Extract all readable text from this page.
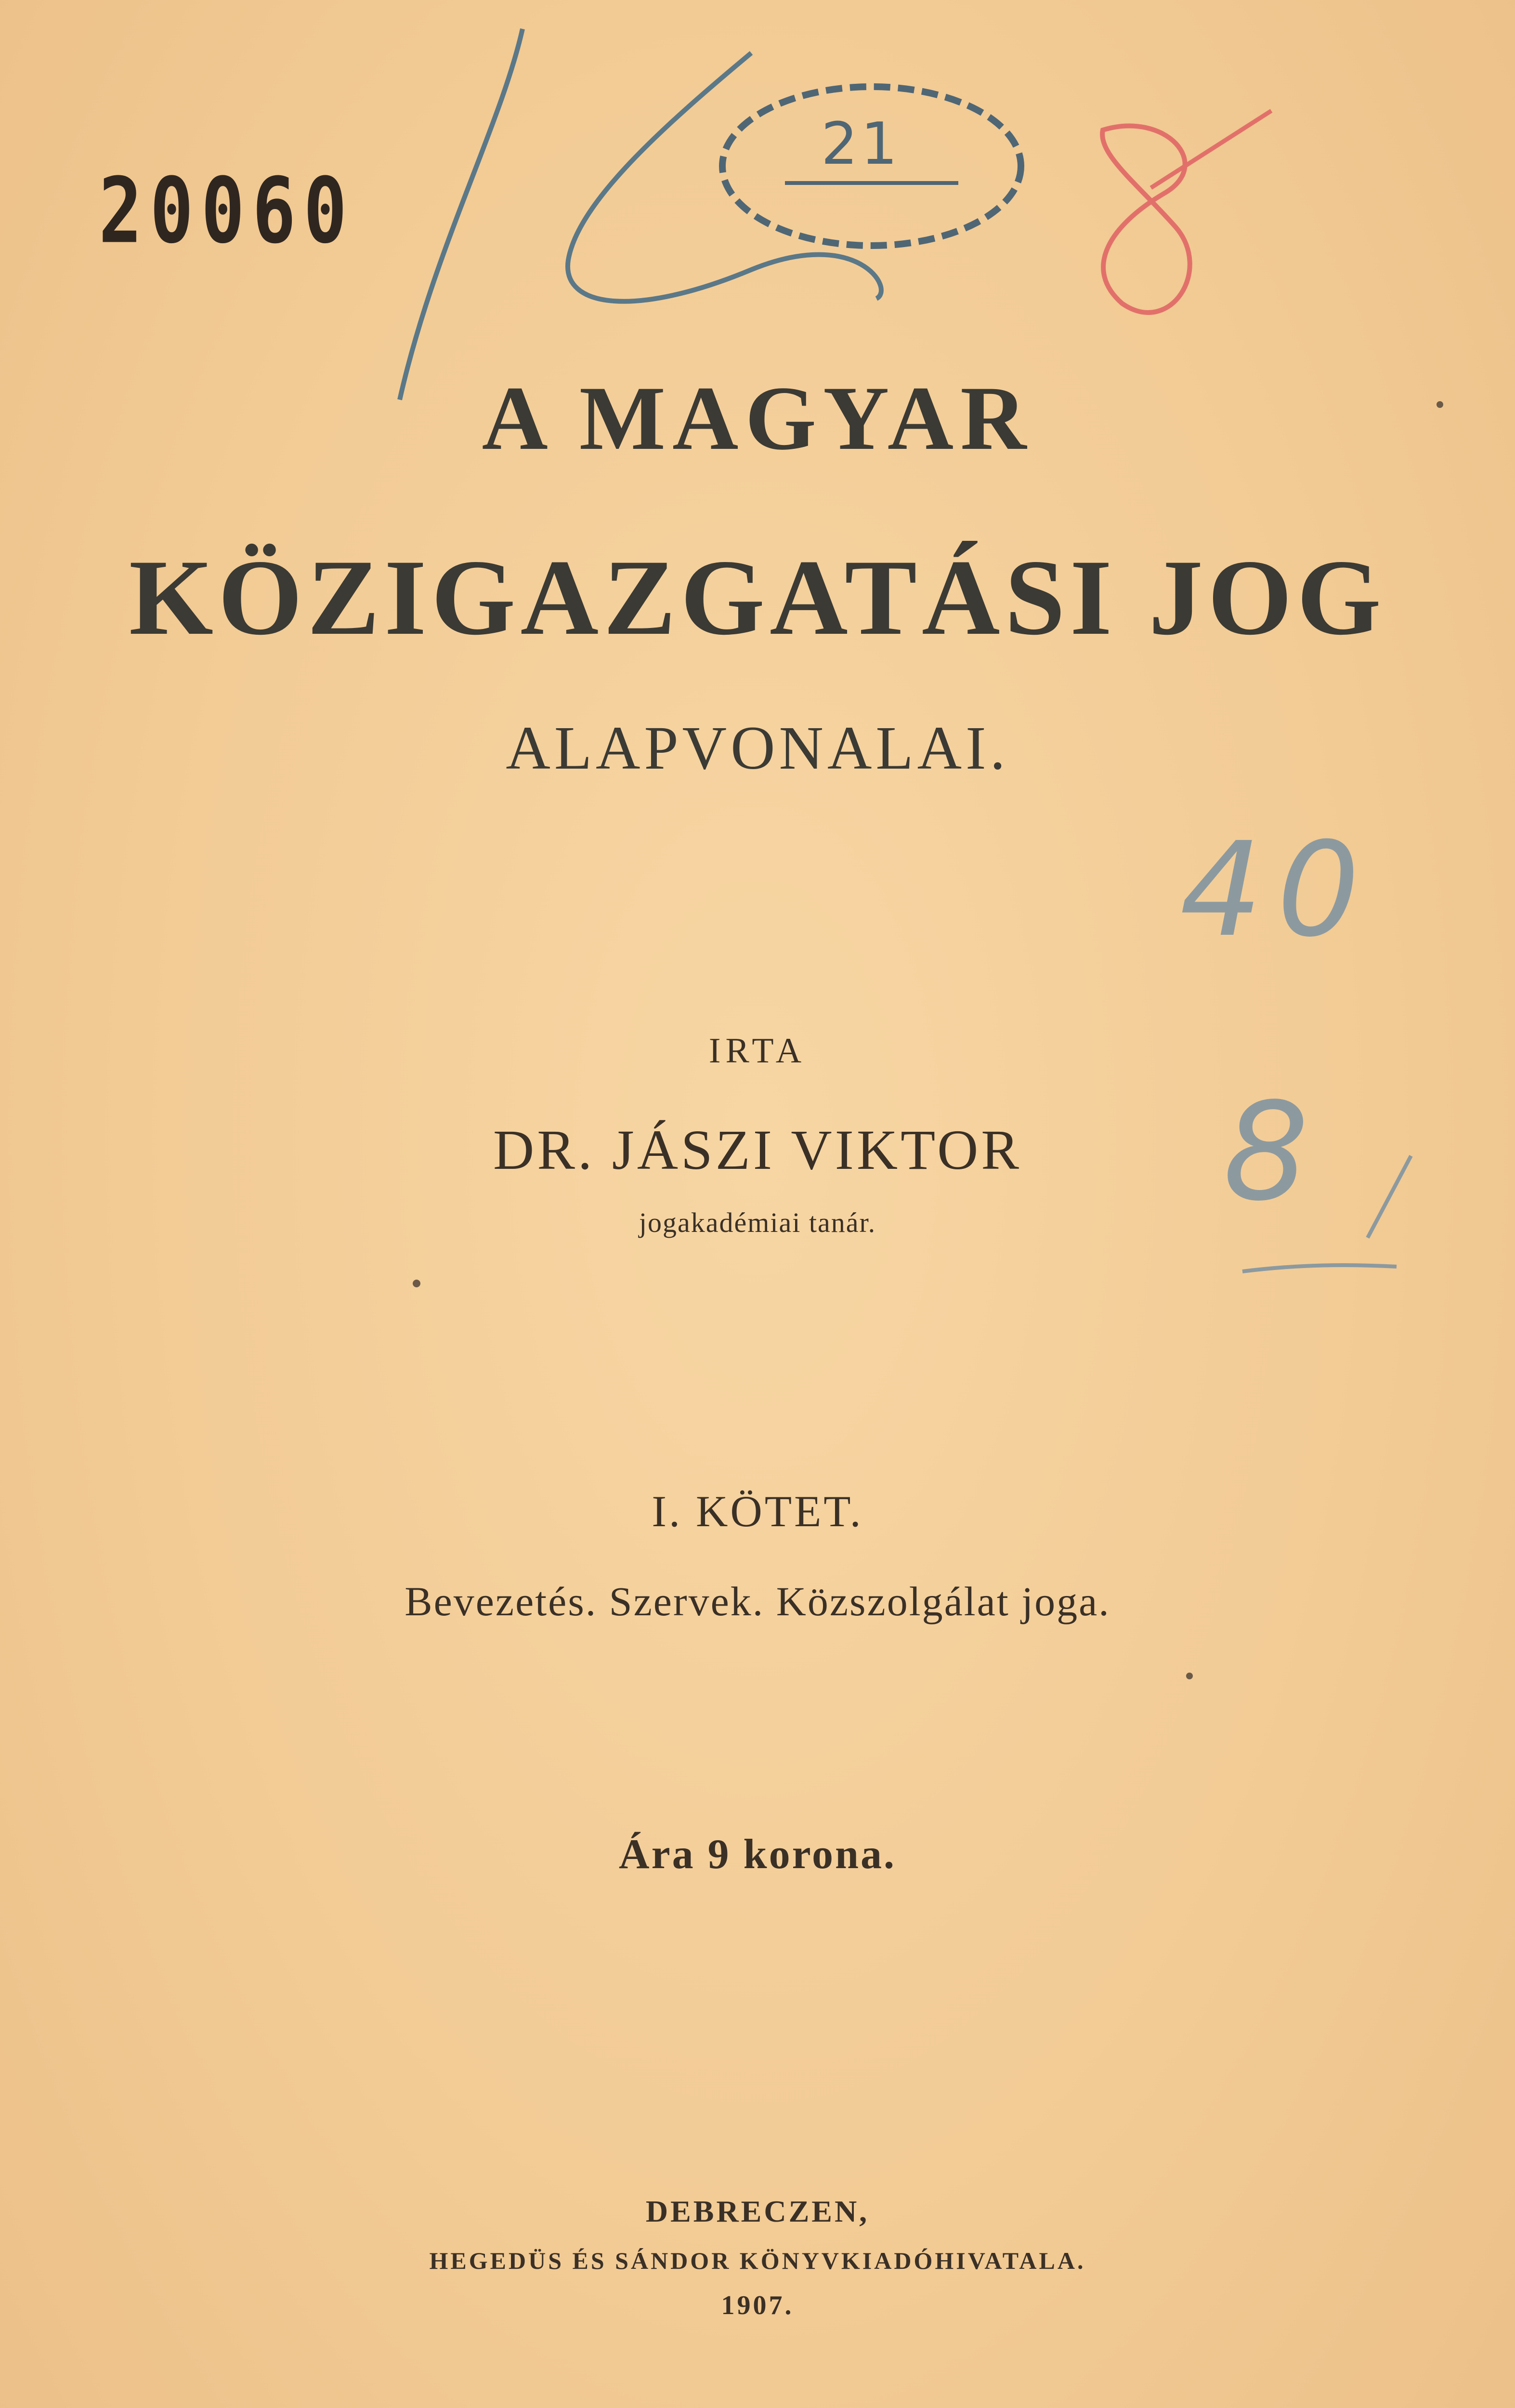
20060
21
40
8
A MAGYAR
KÖZIGAZGATÁSI JOG
ALAPVONALAI.
IRTA
DR. JÁSZI VIKTOR
jogakadémiai tanár.
I. KÖTET.
Bevezetés. Szervek. Közszolgálat joga.
Ára 9 korona.
DEBRECZEN,
HEGEDÜS ÉS SÁNDOR KÖNYVKIADÓHIVATALA.
1907.
